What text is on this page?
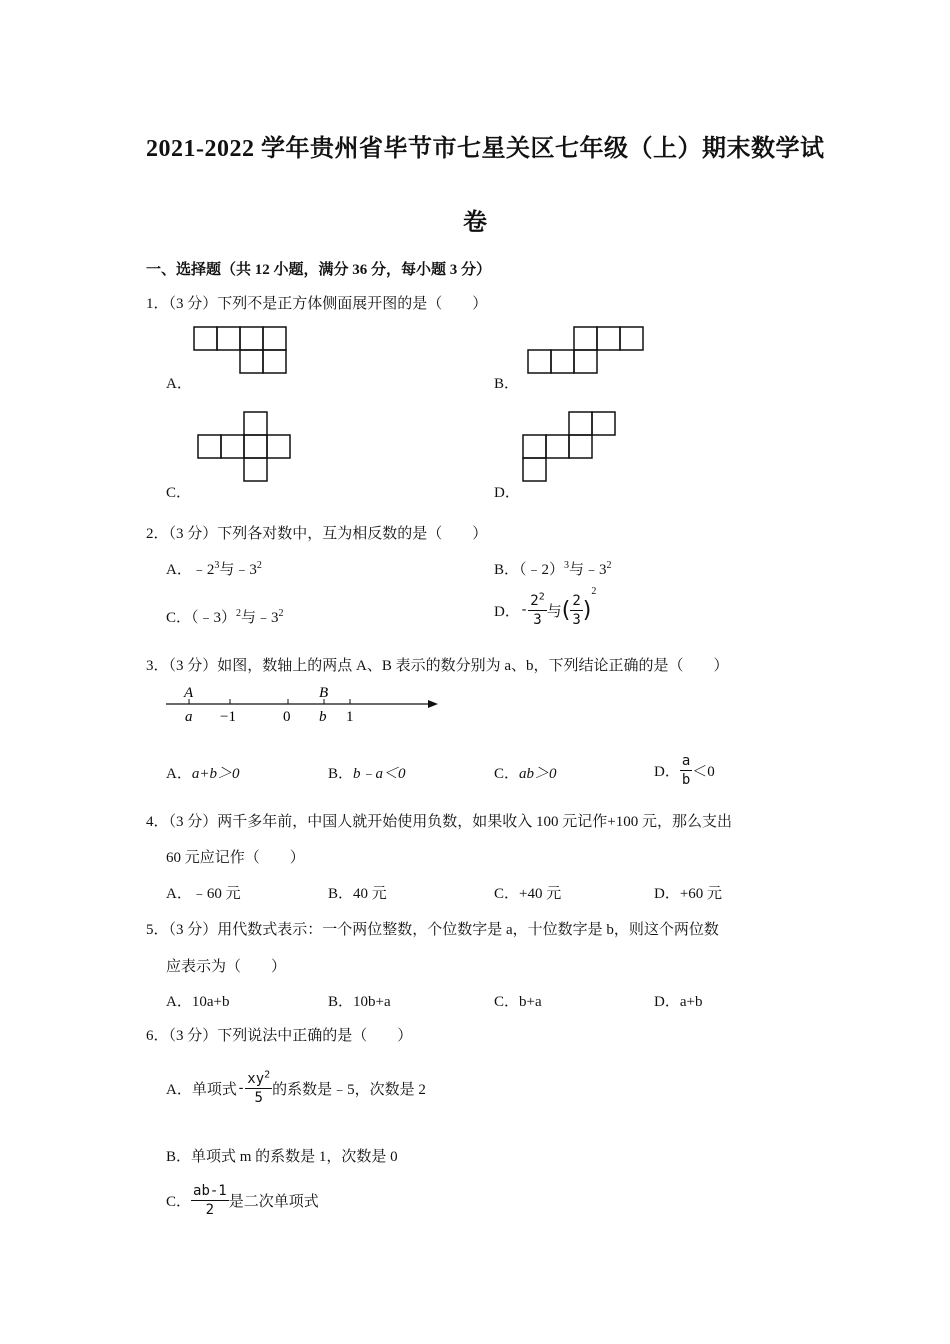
2021-2022 学年贵州省毕节市七星关区七年级（上）期末数学试
卷
一、选择题（共 12 小题，满分 36 分，每小题 3 分）
1．（3 分）下列不是正方体侧面展开图的是（　　）
A．	B．
C．	D．
2．（3 分）下列各对数中，互为相反数的是（　　）
A．$﹣2^3$与$﹣3^2$	B．（﹣2）$^3$与$﹣3^2$
C．（﹣3）$^2$与$﹣3^2$	D．- $\frac{2^2}{3}$ 与( $\frac{2}{3} )^2$
3．（3 分）如图，数轴上的两点 A、B 表示的数分别为 a、b，下列结论正确的是（　　）
A	B
a −1	0 b 1
A．a+b＞0	B．b﹣a＜0	C．ab＞0	D． $\frac{a}{b} <0$
4．（3 分）两千多年前，中国人就开始使用负数，如果收入 100 元记作+100 元，那么支出
60 元应记作（　　）
A．﹣60 元	B．40 元	C．+40 元	D．+60 元
5．（3 分）用代数式表示：一个两位整数，个位数字是 a，十位数字是 b，则这个两位数
应表示为（　　）
A．10a+b	B．10b+a	C．b+a	D．a+b
6．（3 分）下列说法中正确的是（　　）
A．单项式- $\frac{xy^2}{5}$ 的系数是﹣5，次数是 2
B．单项式 m 的系数是 1，次数是 0
C． $\frac{ab-1}{2}$ 是二次单项式
